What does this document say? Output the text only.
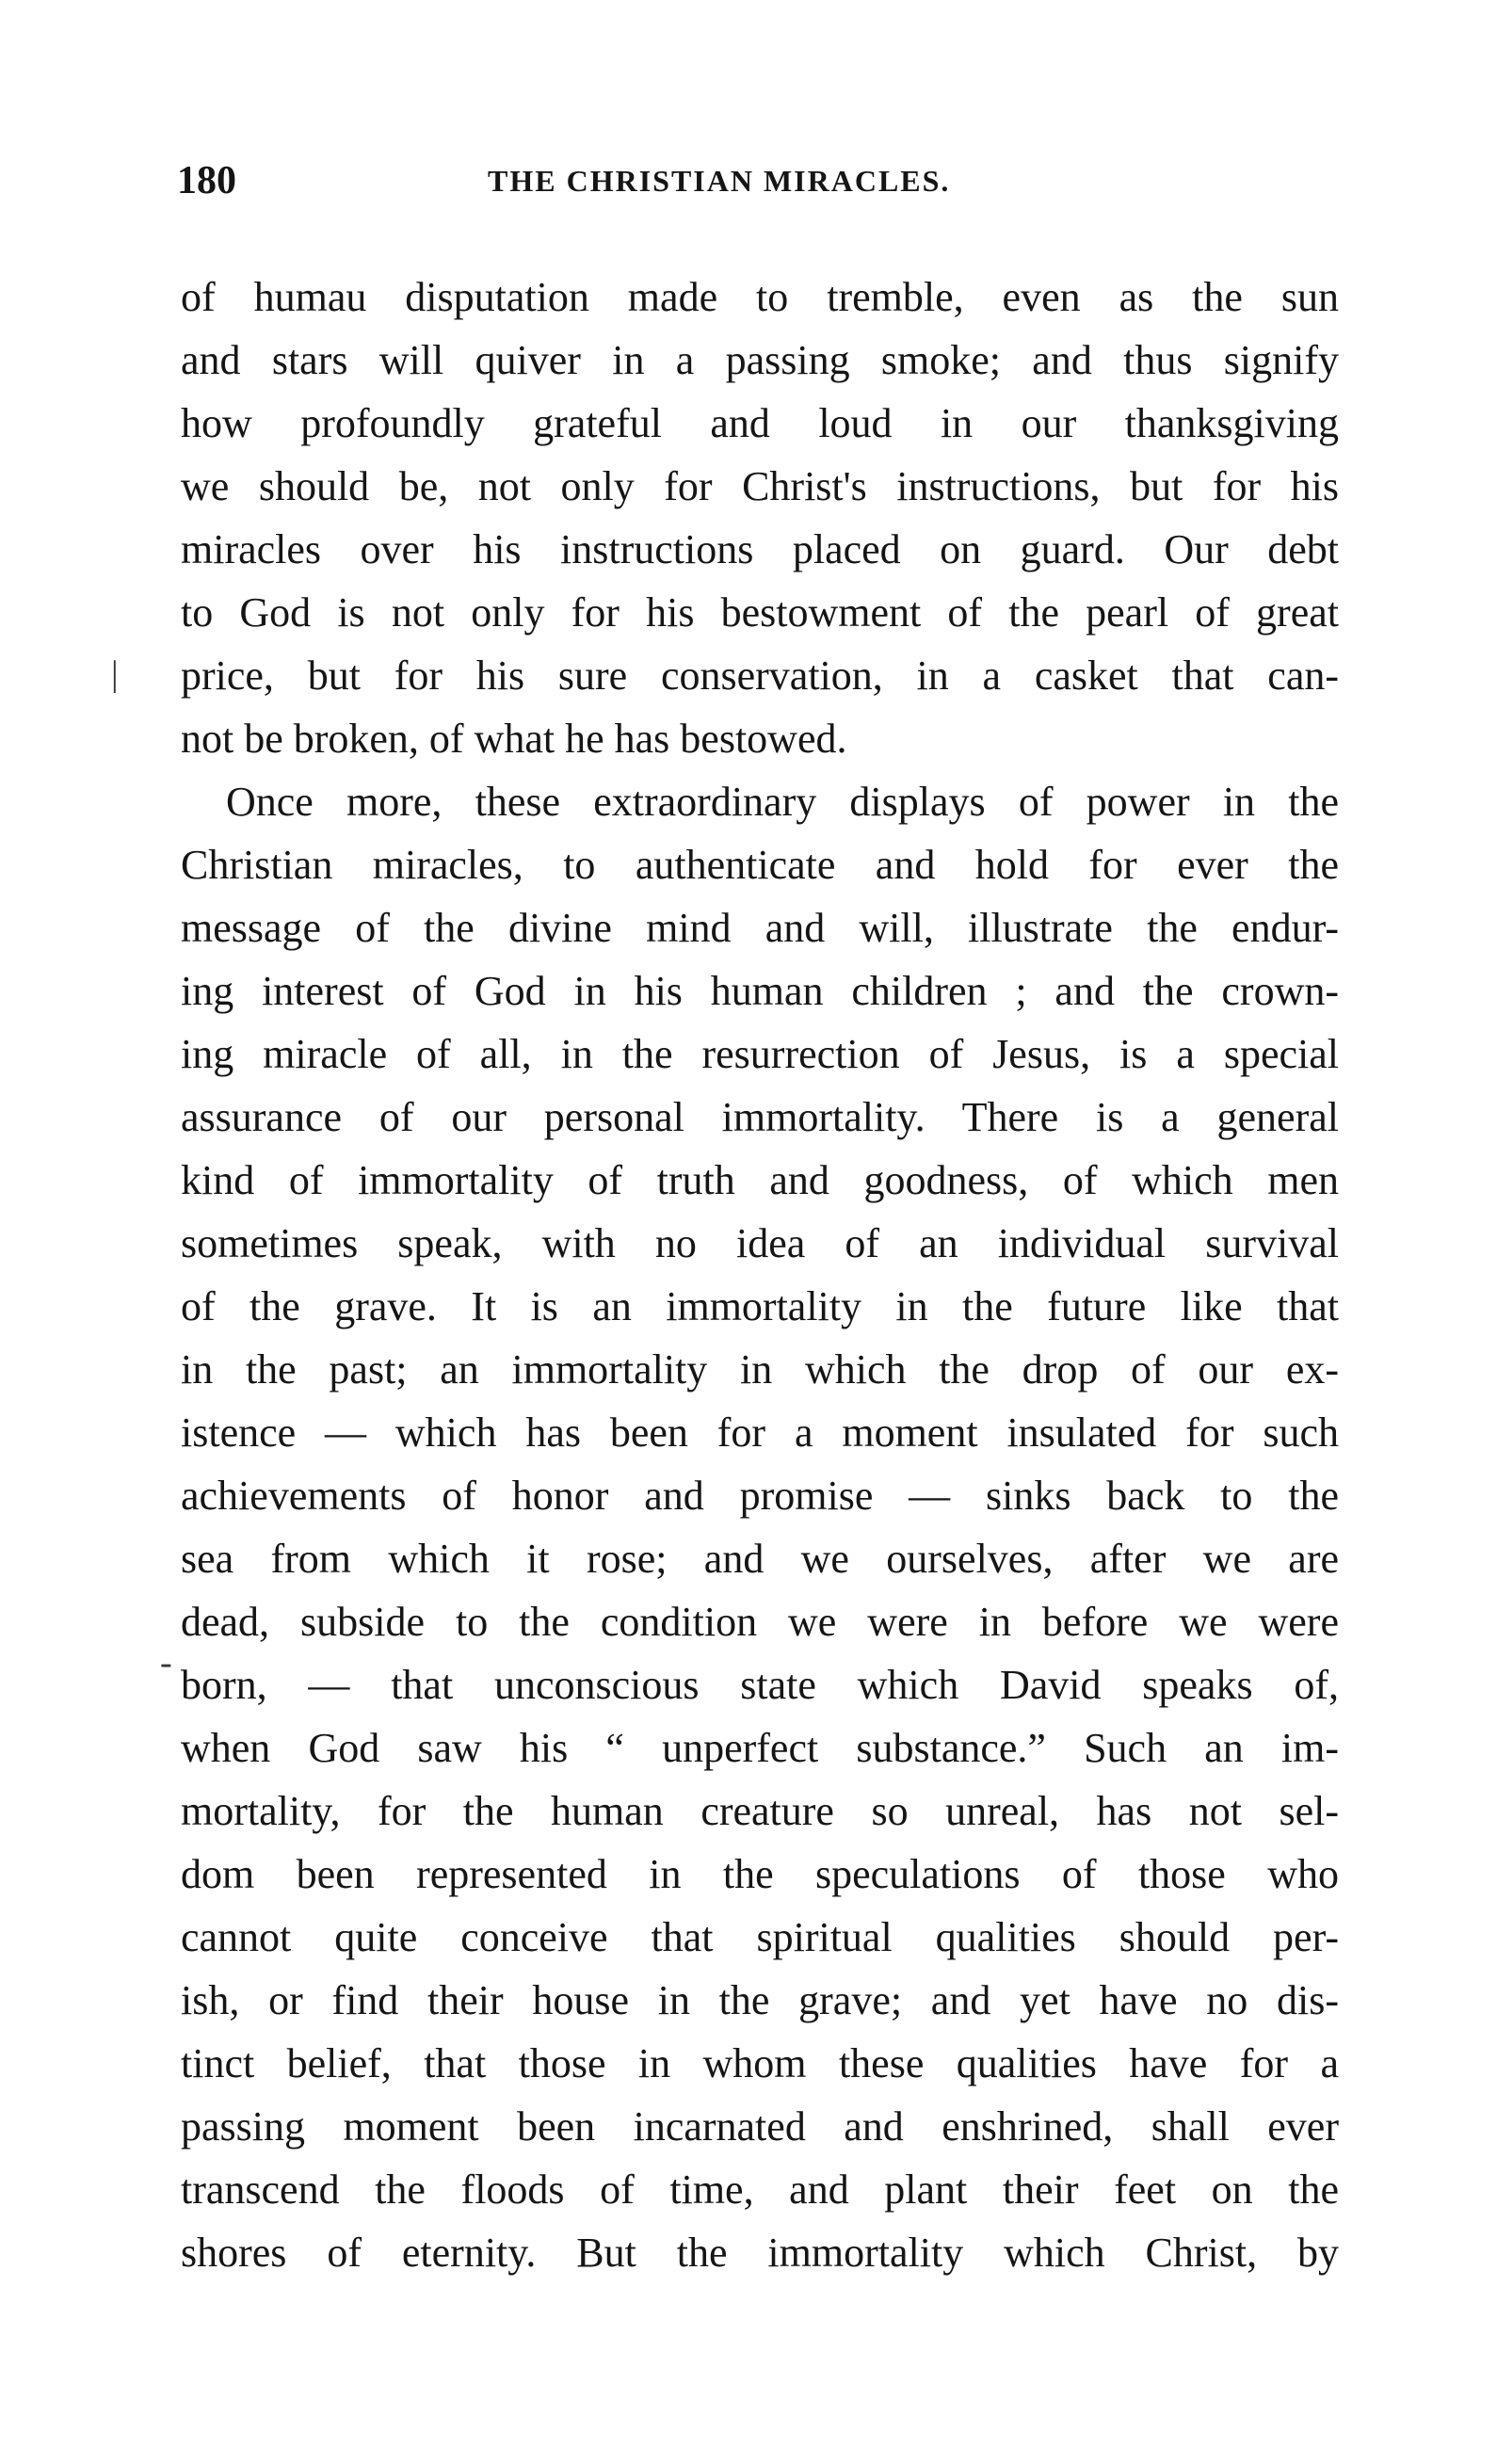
180	THE CHRISTIAN MIRACLES.
|
-
of humau disputation made to tremble, even as the sun
and stars will quiver in a passing smoke; and thus signify
how profoundly grateful and loud in our thanksgiving
we should be, not only for Christ's instructions, but for his
miracles over his instructions placed on guard. Our debt
to God is not only for his bestowment of the pearl of great
price, but for his sure conservation, in a casket that can-
not be broken, of what he has bestowed.
Once more, these extraordinary displays of power in the
Christian miracles, to authenticate and hold for ever the
message of the divine mind and will, illustrate the endur-
ing interest of God in his human children ; and the crown-
ing miracle of all, in the resurrection of Jesus, is a special
assurance of our personal immortality. There is a general
kind of immortality of truth and goodness, of which men
sometimes speak, with no idea of an individual survival
of the grave. It is an immortality in the future like that
in the past; an immortality in which the drop of our ex-
istence — which has been for a moment insulated for such
achievements of honor and promise — sinks back to the
sea from which it rose; and we ourselves, after we are
dead, subside to the condition we were in before we were
born, — that unconscious state which David speaks of,
when God saw his “ unperfect substance.” Such an im-
mortality, for the human creature so unreal, has not sel-
dom been represented in the speculations of those who
cannot quite conceive that spiritual qualities should per-
ish, or find their house in the grave; and yet have no dis-
tinct belief, that those in whom these qualities have for a
passing moment been incarnated and enshrined, shall ever
transcend the floods of time, and plant their feet on the
shores of eternity. But the immortality which Christ, by
